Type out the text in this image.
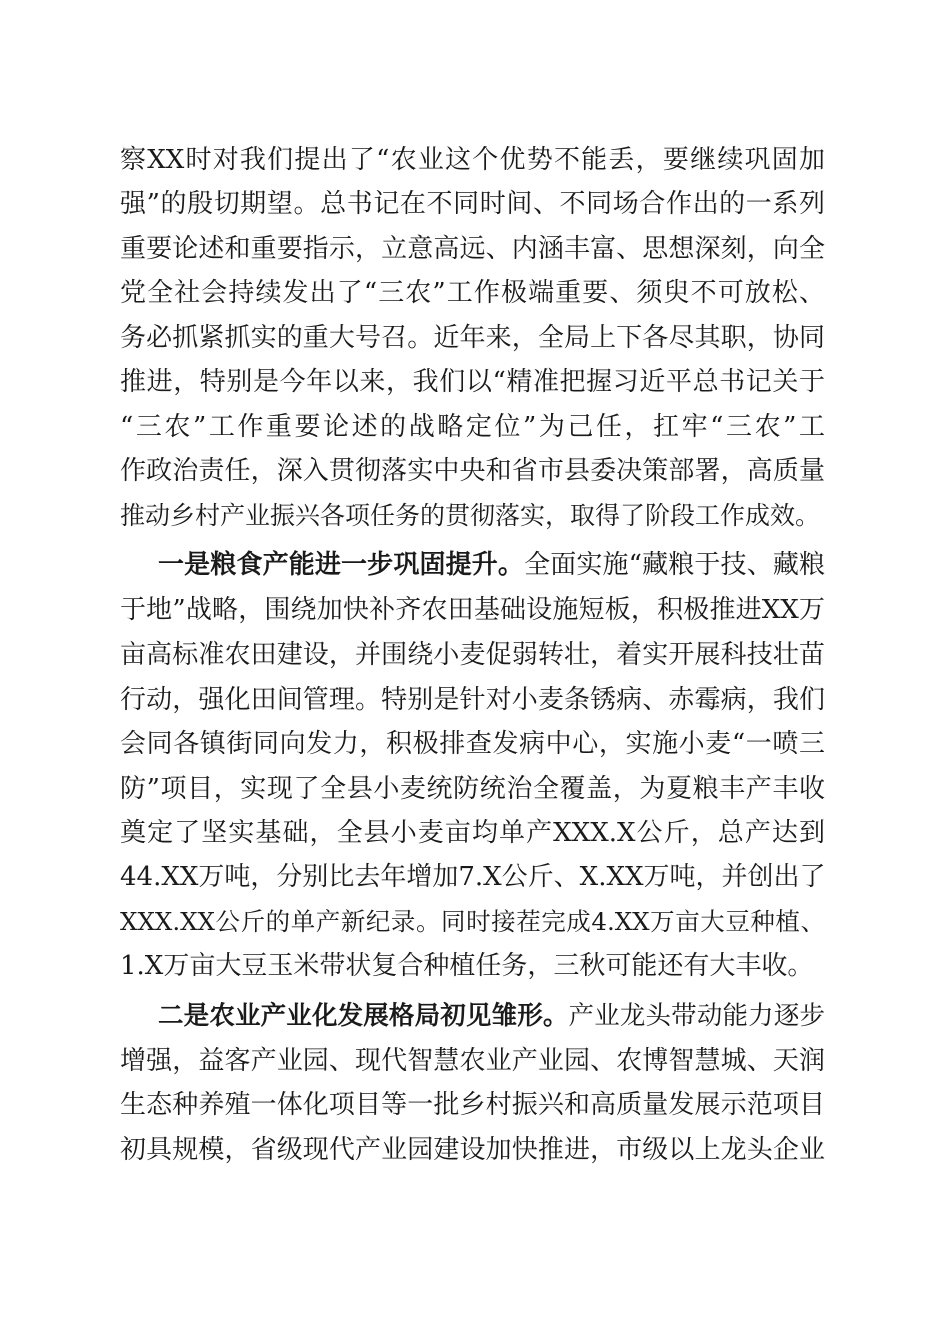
察XX时对我们提出了“农业这个优势不能丢，要继续巩固加
强”的殷切期望。总书记在不同时间、不同场合作出的一系列
重要论述和重要指示，立意高远、内涵丰富、思想深刻，向全
党全社会持续发出了“三农”工作极端重要、须臾不可放松、
务必抓紧抓实的重大号召。近年来，全局上下各尽其职，协同
推进，特别是今年以来，我们以“精准把握习近平总书记关于
“三农”工作重要论述的战略定位”为己任，扛牢“三农”工
作政治责任，深入贯彻落实中央和省市县委决策部署，高质量
推动乡村产业振兴各项任务的贯彻落实，取得了阶段工作成效。
一是粮食产能进一步巩固提升。全面实施“藏粮于技、藏粮
于地”战略，围绕加快补齐农田基础设施短板，积极推进XX万
亩高标准农田建设，并围绕小麦促弱转壮，着实开展科技壮苗
行动，强化田间管理。特别是针对小麦条锈病、赤霉病，我们
会同各镇街同向发力，积极排查发病中心，实施小麦“一喷三
防”项目，实现了全县小麦统防统治全覆盖，为夏粮丰产丰收
奠定了坚实基础，全县小麦亩均单产XXX.X公斤，总产达到
44.XX万吨，分别比去年增加7.X公斤、X.XX万吨，并创出了
XXX.XX公斤的单产新纪录。同时接茬完成4.XX万亩大豆种植、
1.X万亩大豆玉米带状复合种植任务，三秋可能还有大丰收。
二是农业产业化发展格局初见雏形。产业龙头带动能力逐步
增强，益客产业园、现代智慧农业产业园、农博智慧城、天润
生态种养殖一体化项目等一批乡村振兴和高质量发展示范项目
初具规模，省级现代产业园建设加快推进，市级以上龙头企业
